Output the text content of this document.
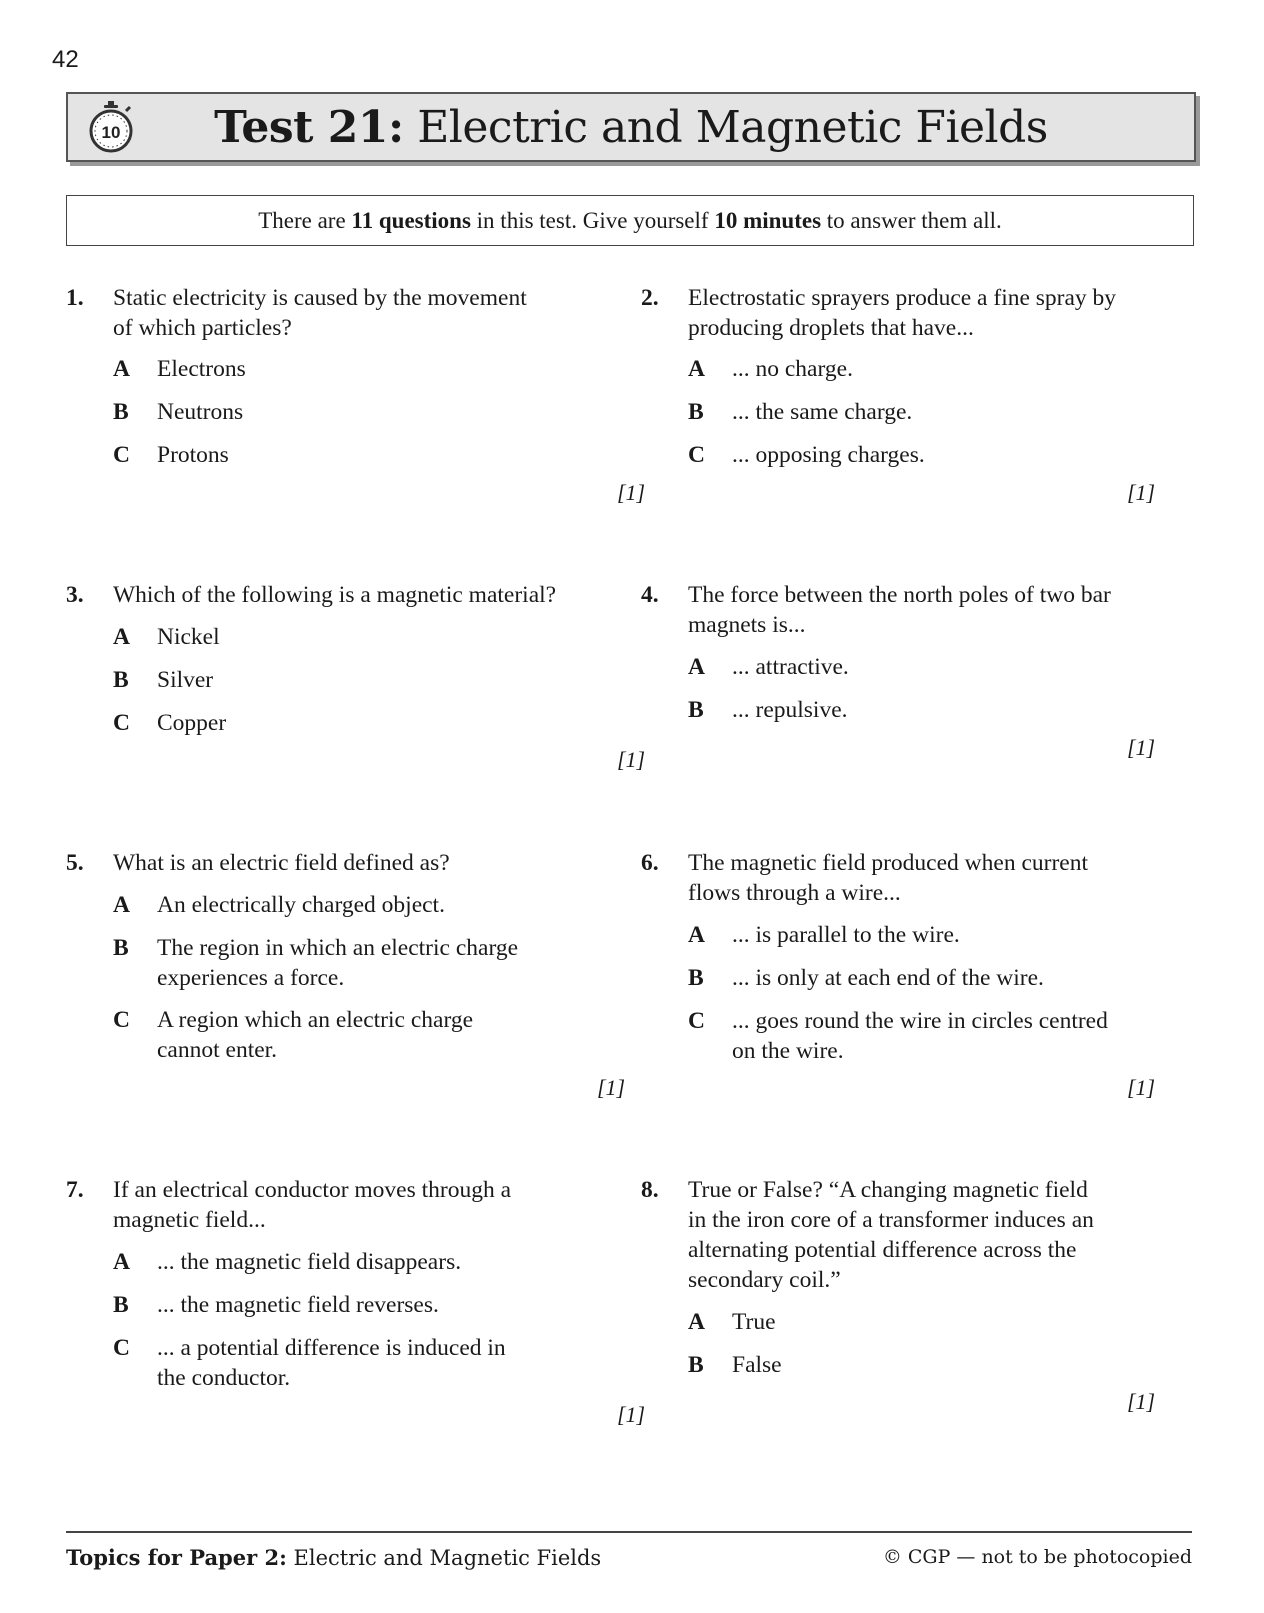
42
10	Test 21: Electric and Magnetic Fields
There are 11 questions in this test. Give yourself 10 minutes to answer them all.
1. Static electricity is caused by the movement
of which particles?
A Electrons
B Neutrons
C Protons
[1]
2. Electrostatic sprayers produce a fine spray by
producing droplets that have...
A ... no charge.
B ... the same charge.
C ... opposing charges.
[1]
3. Which of the following is a magnetic material?
A Nickel
B Silver
C Copper
[1]
4. The force between the north poles of two bar
magnets is...
A ... attractive.
B ... repulsive.
[1]
5. What is an electric field defined as?
A An electrically charged object.
B The region in which an electric charge
experiences a force.
C A region which an electric charge
cannot enter.
[1]
6. The magnetic field produced when current
flows through a wire...
A ... is parallel to the wire.
B ... is only at each end of the wire.
C ... goes round the wire in circles centred
on the wire.
[1]
7. If an electrical conductor moves through a
magnetic field...
A ... the magnetic field disappears.
B ... the magnetic field reverses.
C ... a potential difference is induced in
the conductor.
[1]
8. True or False? “A changing magnetic field
in the iron core of a transformer induces an
alternating potential difference across the
secondary coil.”
A True
B False
[1]
Topics for Paper 2: Electric and Magnetic Fields	© CGP — not to be photocopied
